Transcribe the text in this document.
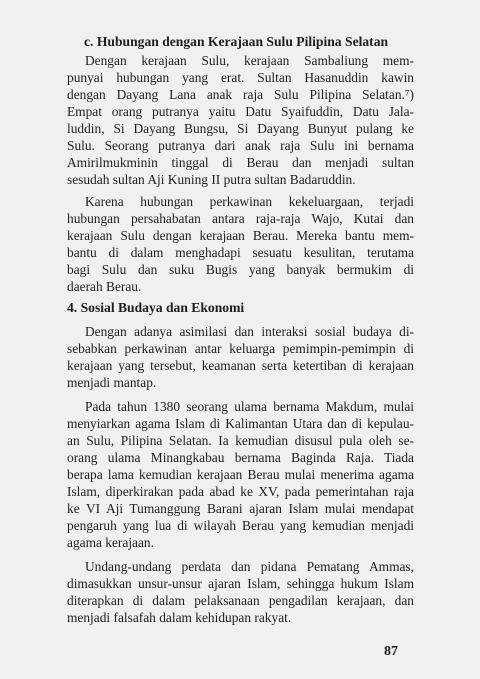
c. Hubungan dengan Kerajaan Sulu Pilipina Selatan

Dengan kerajaan Sulu, kerajaan Sambaliung mem-

punyai hubungan yang erat. Sultan Hasanuddin kawin

dengan Dayang Lana anak raja Sulu Pilipina Selatan.⁷)

Empat orang putranya yaitu Datu Syaifuddin, Datu Jala-

luddin, Si Dayang Bungsu, Si Dayang Bunyut pulang ke

Sulu. Seorang putranya dari anak raja Sulu ini bernama

Amirilmukminin tinggal di Berau dan menjadi sultan

sesudah sultan Aji Kuning II putra sultan Badaruddin.

Karena hubungan perkawinan kekeluargaan, terjadi

hubungan persahabatan antara raja-raja Wajo, Kutai dan

kerajaan Sulu dengan kerajaan Berau. Mereka bantu mem-

bantu di dalam menghadapi sesuatu kesulitan, terutama

bagi Sulu dan suku Bugis yang banyak bermukim di

daerah Berau.

4. Sosial Budaya dan Ekonomi

Dengan adanya asimilasi dan interaksi sosial budaya di-

sebabkan perkawinan antar keluarga pemimpin-pemimpin di

kerajaan yang tersebut, keamanan serta ketertiban di kerajaan

menjadi mantap.

Pada tahun 1380 seorang ulama bernama Makdum, mulai

menyiarkan agama Islam di Kalimantan Utara dan di kepulau-

an Sulu, Pilipina Selatan. Ia kemudian disusul pula oleh se-

orang ulama Minangkabau bernama Baginda Raja. Tiada

berapa lama kemudian kerajaan Berau mulai menerima agama

Islam, diperkirakan pada abad ke XV, pada pemerintahan raja

ke VI Aji Tumanggung Barani ajaran Islam mulai mendapat

pengaruh yang lua di wilayah Berau yang kemudian menjadi

agama kerajaan.

Undang-undang perdata dan pidana Pematang Ammas,

dimasukkan unsur-unsur ajaran Islam, sehingga hukum Islam

diterapkan di dalam pelaksanaan pengadilan kerajaan, dan

menjadi falsafah dalam kehidupan rakyat.

87
